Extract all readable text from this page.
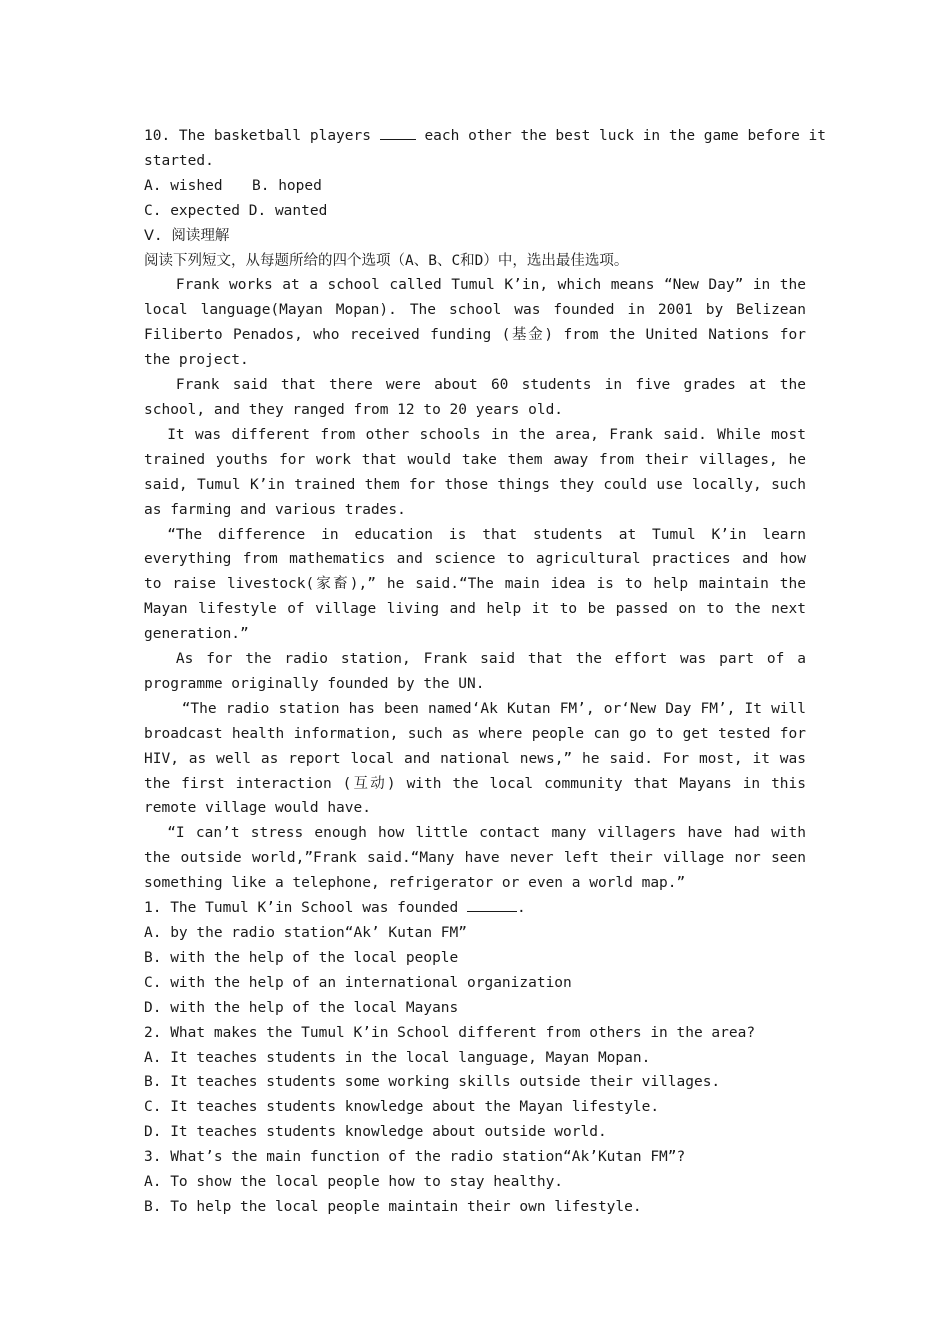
10. The basketball players	each other the best luck in the game before it
started.
A. wished B. hoped
C. expected D. wanted
Ⅴ. 阅读理解
阅读下列短文，从每题所给的四个选项（A、B、C和D）中，选出最佳选项。
Frank works at a school called Tumul K’in, which means “New Day” in the local language(Mayan Mopan). The school was founded in 2001 by Belizean Filiberto Penados, who received funding (基金) from the United Nations for the project.
Frank said that there were about 60 students in five grades at the school, and they ranged from 12 to 20 years old.
It was different from other schools in the area, Frank said. While most trained youths for work that would take them away from their villages, he said, Tumul K’in trained them for those things they could use locally, such as farming and various trades.
“The difference in education is that students at Tumul K’in learn everything from mathematics and science to agricultural practices and how to raise livestock(家畜),” he said.“The main idea is to help maintain the Mayan lifestyle of village living and help it to be passed on to the next generation.”
As for the radio station, Frank said that the effort was part of a programme originally founded by the UN.
“The radio station has been named‘Ak Kutan FM’, or‘New Day FM’, It will broadcast health information, such as where people can go to get tested for HIV, as well as report local and national news,” he said. For most, it was the first interaction (互动) with the local community that Mayans in this remote village would have.
“I can’t stress enough how little contact many villagers have had with the outside world,”Frank said.“Many have never left their village nor seen something like a telephone, refrigerator or even a world map.”
1. The Tumul K’in School was founded	.
A. by the radio station“Ak’ Kutan FM”
B. with the help of the local people
C. with the help of an international organization
D. with the help of the local Mayans
2. What makes the Tumul K’in School different from others in the area?
A. It teaches students in the local language, Mayan Mopan.
B. It teaches students some working skills outside their villages.
C. It teaches students knowledge about the Mayan lifestyle.
D. It teaches students knowledge about outside world.
3. What’s the main function of the radio station“Ak’Kutan FM”?
A. To show the local people how to stay healthy.
B. To help the local people maintain their own lifestyle.
